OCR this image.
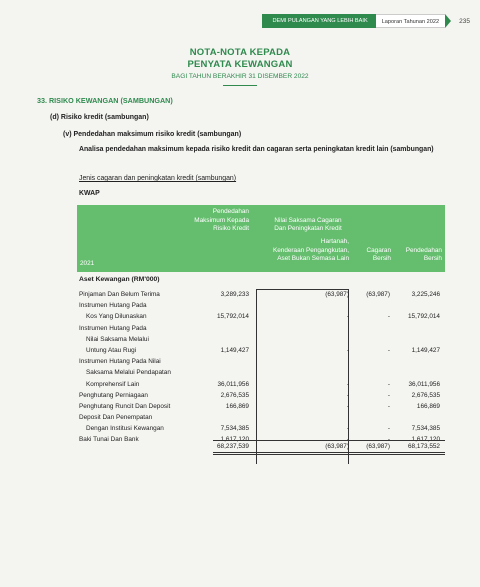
DEMI PULANGAN YANG LEBIH BAIK	Laporan Tahunan 2022	235
NOTA-NOTA KEPADA
PENYATA KEWANGAN
BAGI TAHUN BERAKHIR 31 DISEMBER 2022
33. RISIKO KEWANGAN (SAMBUNGAN)
(d) Risiko kredit (sambungan)
(v) Pendedahan maksimum risiko kredit (sambungan)
Analisa pendedahan maksimum kepada risiko kredit dan cagaran serta peningkatan kredit lain (sambungan)
Jenis cagaran dan peningkatan kredit (sambungan)
KWAP
Pendedahan
Maksimum Kepada
Risiko Kredit
Nilai Saksama Cagaran
Dan Peningkatan Kredit
Hartanah,
Kenderaan Pengangkutan,
Aset Bukan Semasa Lain
Cagaran
Bersih
Pendedahan
Bersih
2021
Aset Kewangan (RM'000)
Pinjaman Dan Belum Terima	3,289,233	(63,987)	(63,987)	3,225,246
Instrumen Hutang Pada
Kos Yang Dilunaskan	15,792,014	-	-	15,792,014
Instrumen Hutang Pada
Nilai Saksama Melalui
Untung Atau Rugi	1,149,427	-	-	1,149,427
Instrumen Hutang Pada Nilai
Saksama Melalui Pendapatan
Komprehensif Lain	36,011,956	-	-	36,011,956
Penghutang Perniagaan	2,676,535	-	-	2,676,535
Penghutang Runcit Dan Deposit	166,869	-	-	166,869
Deposit Dan Penempatan
Dengan Institusi Kewangan	7,534,385	-	-	7,534,385
Baki Tunai Dan Bank	1,617,120	-	-	1,617,120
68,237,539	(63,987)	(63,987)	68,173,552
